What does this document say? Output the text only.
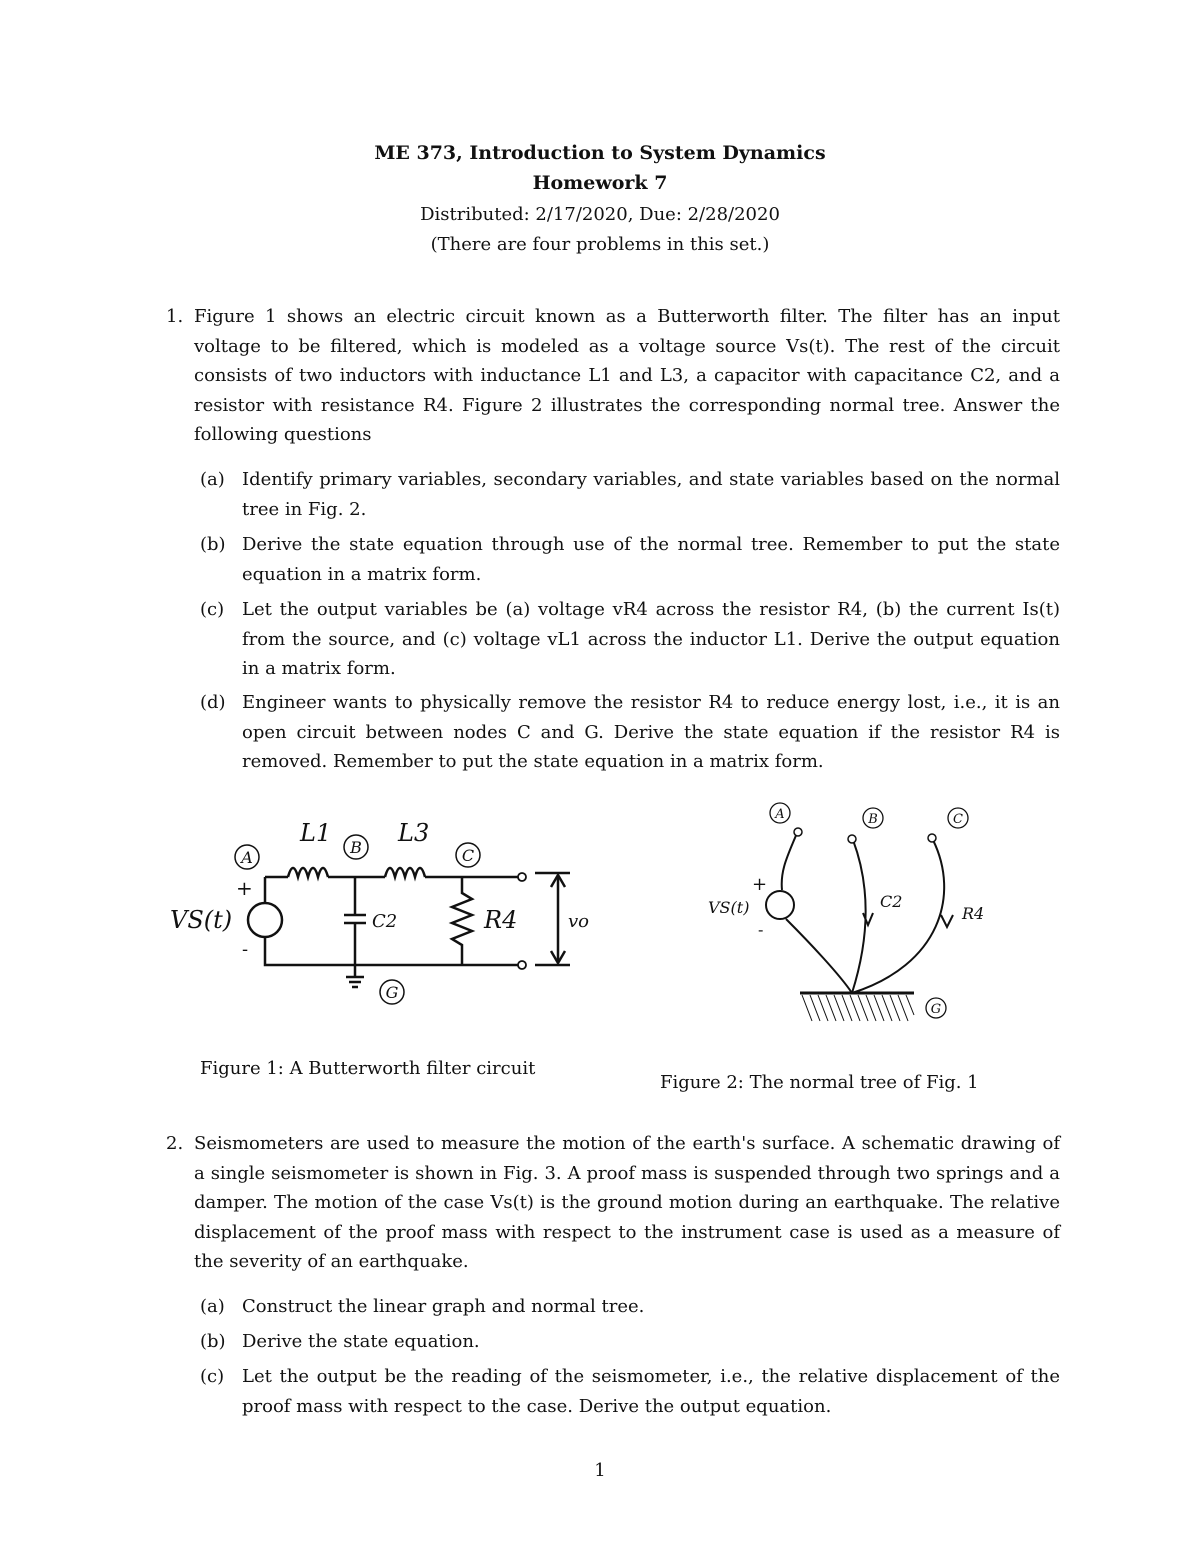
ME 373, Introduction to System Dynamics
Homework 7
Distributed: 2/17/2020, Due: 2/28/2020
(There are four problems in this set.)
1. Figure 1 shows an electric circuit known as a Butterworth filter. The filter has an input voltage to be filtered, which is modeled as a voltage source Vs(t). The rest of the circuit consists of two inductors with inductance L1 and L3, a capacitor with capacitance C2, and a resistor with resistance R4. Figure 2 illustrates the corresponding normal tree. Answer the following questions
(a) Identify primary variables, secondary variables, and state variables based on the normal tree in Fig. 2.
(b) Derive the state equation through use of the normal tree. Remember to put the state equation in a matrix form.
(c) Let the output variables be (a) voltage vR4 across the resistor R4, (b) the current Is(t) from the source, and (c) voltage vL1 across the inductor L1. Derive the output equation in a matrix form.
(d) Engineer wants to physically remove the resistor R4 to reduce energy lost, i.e., it is an open circuit between nodes C and G. Derive the state equation if the resistor R4 is removed. Remember to put the state equation in a matrix form.
A
B	C
G
L1	L3
VS(t)	R4
C2	vo
+
-
Figure 1: A Butterworth filter circuit
A	B	C
G
VS(t)	C2
R4
+
-
Figure 2: The normal tree of Fig. 1
2. Seismometers are used to measure the motion of the earth's surface. A schematic drawing of a single seismometer is shown in Fig. 3. A proof mass is suspended through two springs and a damper. The motion of the case Vs(t) is the ground motion during an earthquake. The relative displacement of the proof mass with respect to the instrument case is used as a measure of the severity of an earthquake.
(a) Construct the linear graph and normal tree.
(b) Derive the state equation.
(c) Let the output be the reading of the seismometer, i.e., the relative displacement of the proof mass with respect to the case. Derive the output equation.
1
